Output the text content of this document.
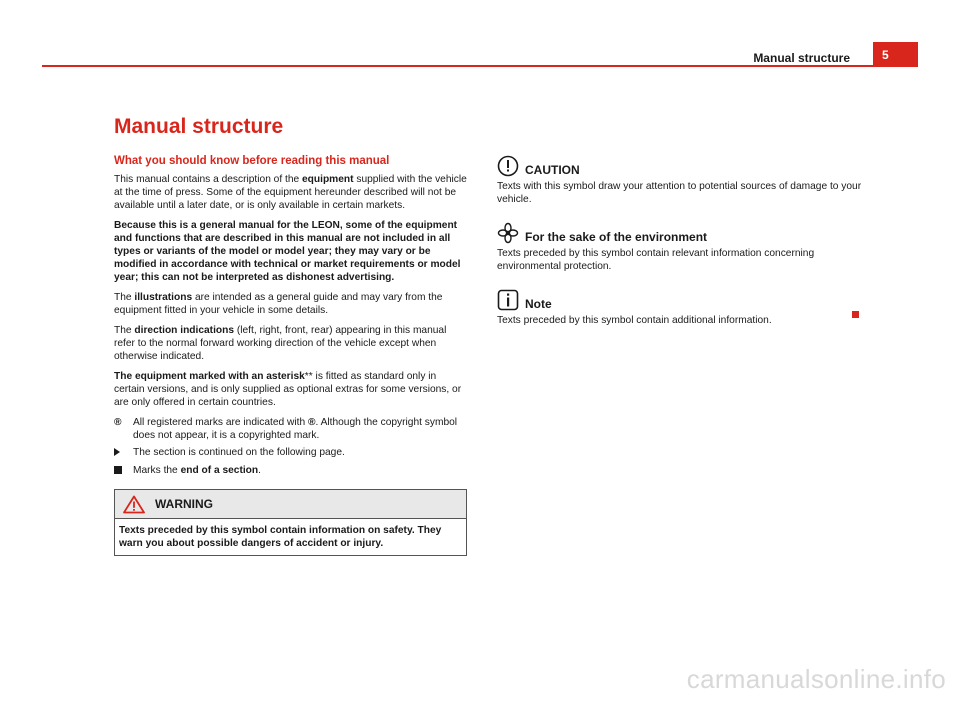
Manual structure	5
Manual structure
What you should know before reading this manual

This manual contains a description of the equipment supplied with the vehicle at the time of press. Some of the equipment hereunder described will not be available until a later date, or is only available in certain markets.

Because this is a general manual for the LEON, some of the equipment and functions that are described in this manual are not included in all types or variants of the model or model year; they may vary or be modified in accordance with technical or market requirements or model year; this can not be interpreted as dishonest advertising.

The illustrations are intended as a general guide and may vary from the equipment fitted in your vehicle in some details.

The direction indications (left, right, front, rear) appearing in this manual refer to the normal forward working direction of the vehicle except when otherwise indicated.

The equipment marked with an asterisk** is fitted as standard only in certain versions, and is only supplied as optional extras for some versions, or are only offered in certain countries.

®	All registered marks are indicated with ®. Although the copyright symbol does not appear, it is a copyrighted mark.
The section is continued on the following page.
Marks the end of a section.
WARNING
Texts preceded by this symbol contain information on safety. They warn you about possible dangers of accident or injury.
CAUTION
Texts with this symbol draw your attention to potential sources of damage to your vehicle.
For the sake of the environment
Texts preceded by this symbol contain relevant information concerning environmental protection.
Note
Texts preceded by this symbol contain additional information.
carmanualsonline.info
